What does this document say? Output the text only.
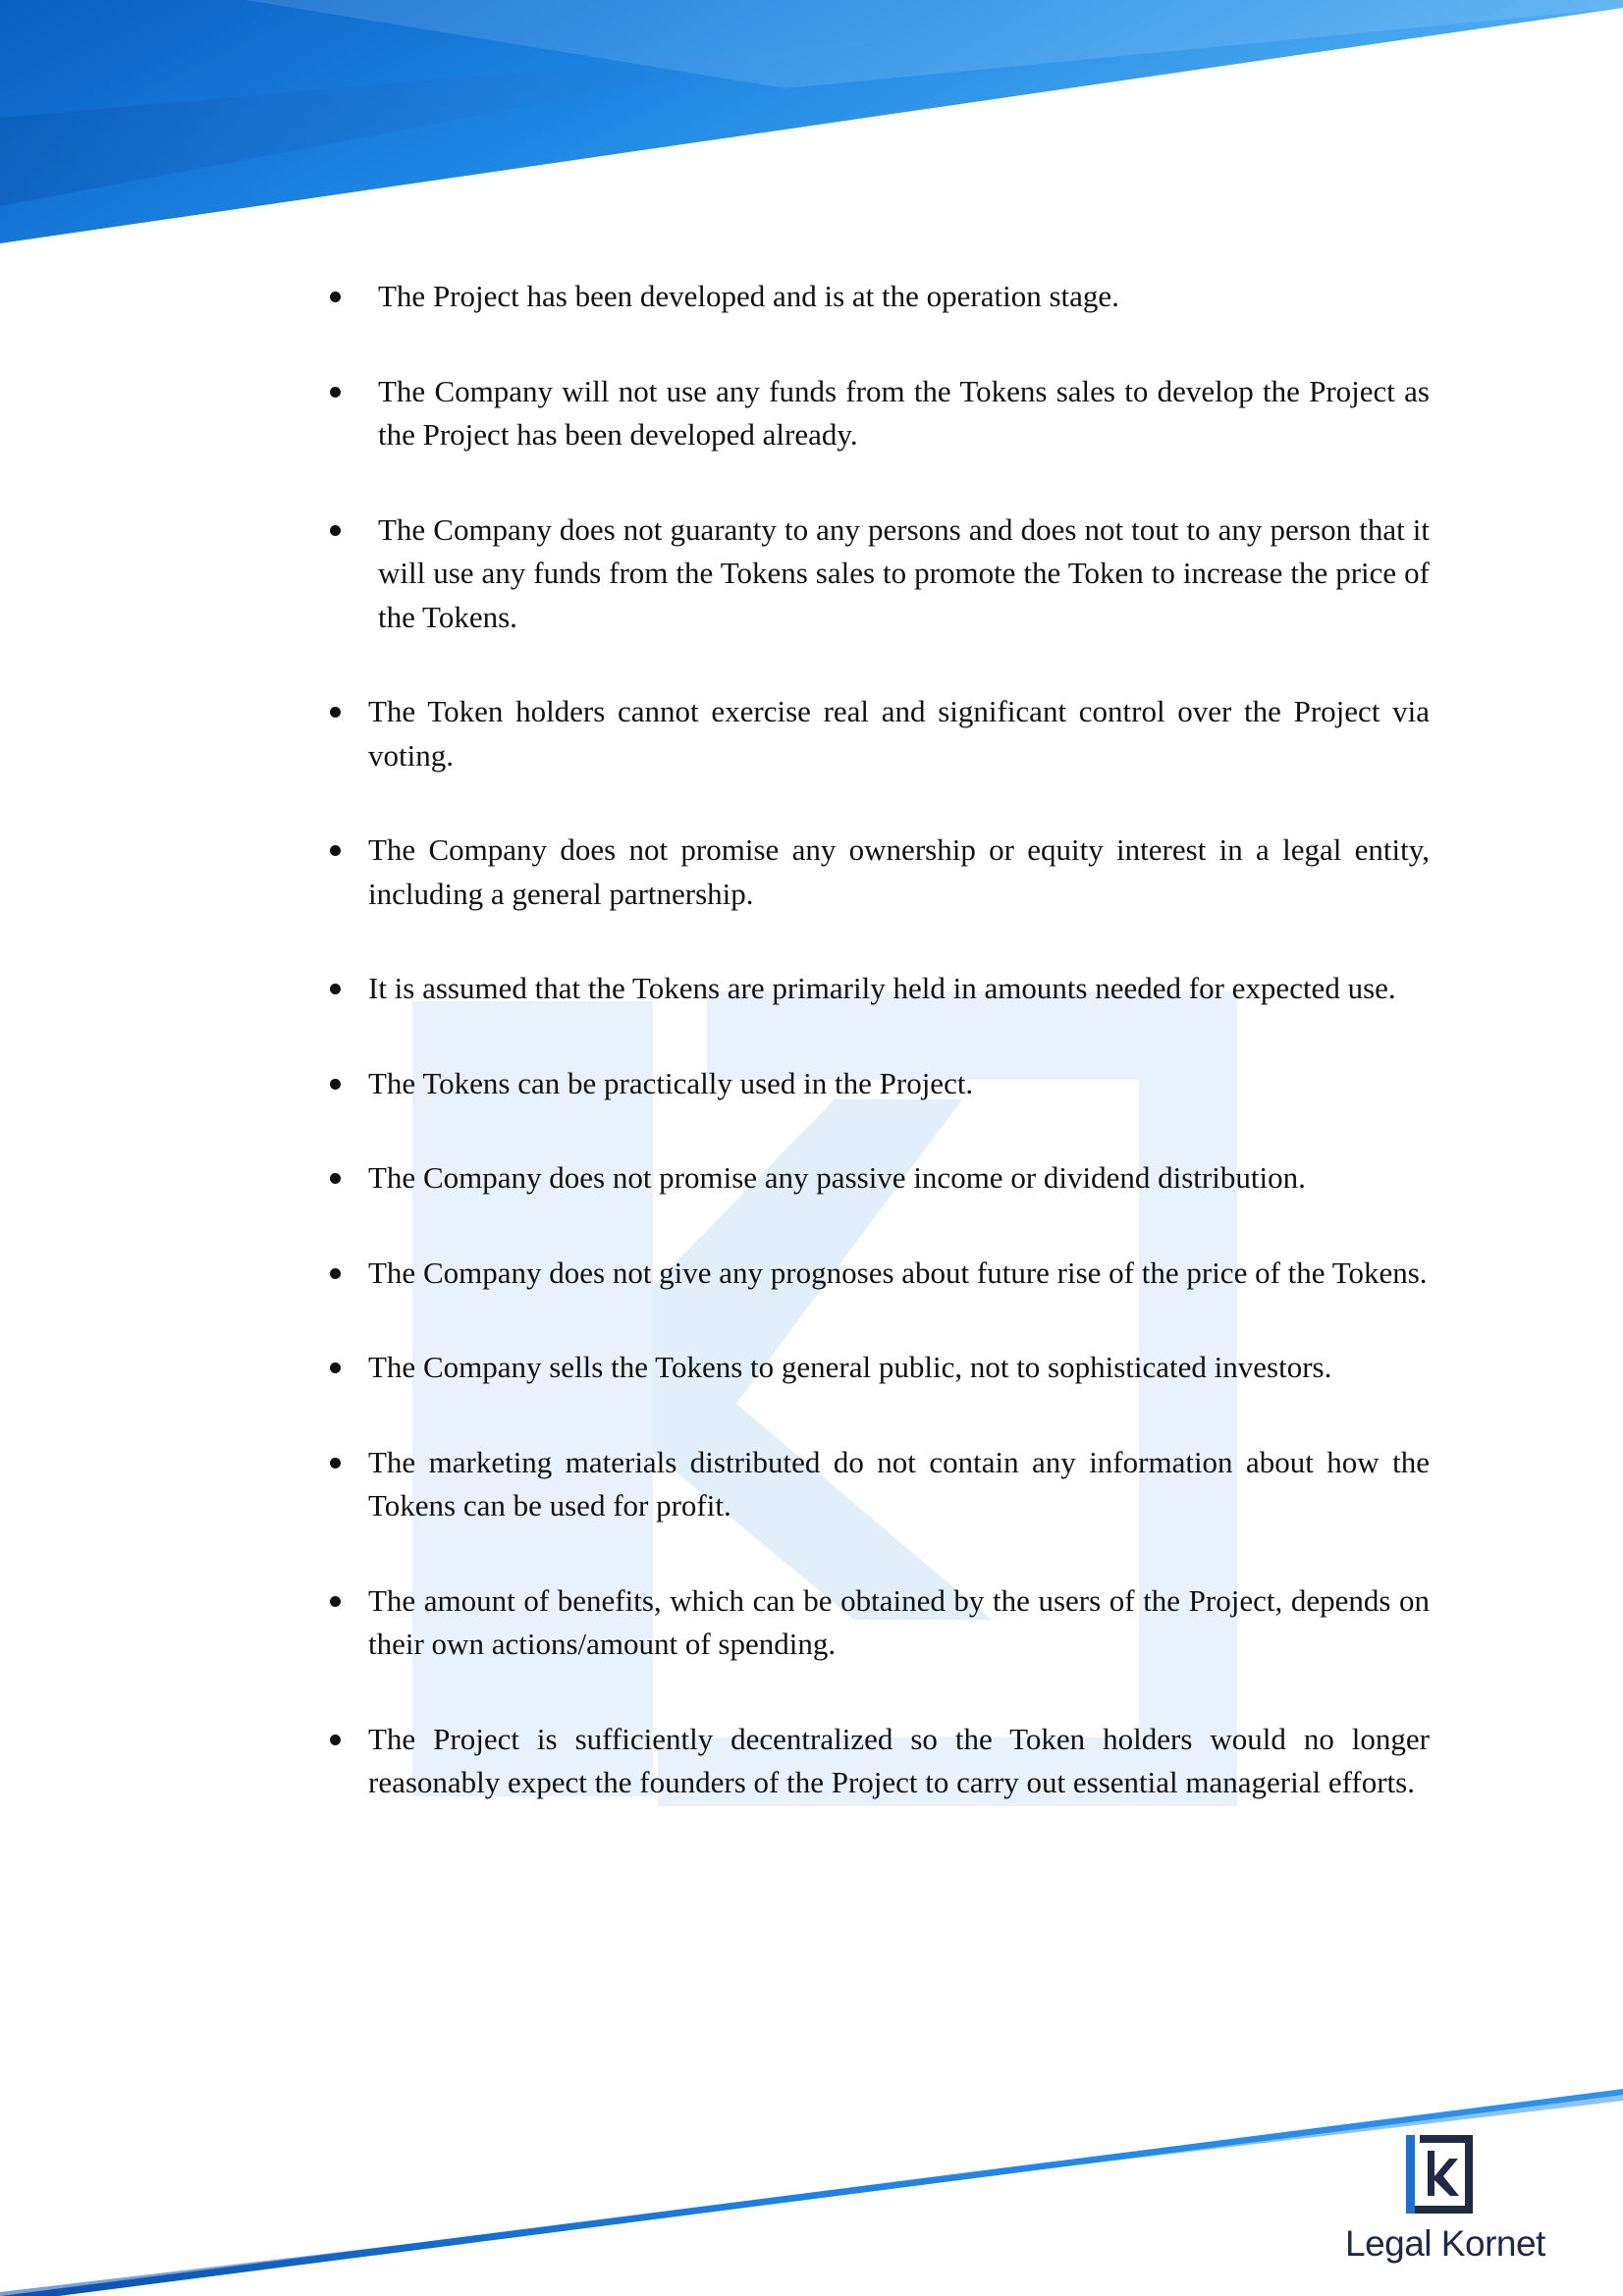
The Project has been developed and is at the operation stage.
The Company will not use any funds from the Tokens sales to develop the Project as the Project has been developed already.
The Company does not guaranty to any persons and does not tout to any person that it will use any funds from the Tokens sales to promote the Token to increase the price of the Tokens.
The Token holders cannot exercise real and significant control over the Project via voting.
The Company does not promise any ownership or equity interest in a legal entity, including a general partnership.
It is assumed that the Tokens are primarily held in amounts needed for expected use.
The Tokens can be practically used in the Project.
The Company does not promise any passive income or dividend distribution.
The Company does not give any prognoses about future rise of the price of the Tokens.
The Company sells the Tokens to general public, not to sophisticated investors.
The marketing materials distributed do not contain any information about how the Tokens can be used for profit.
The amount of benefits, which can be obtained by the users of the Project, depends on their own actions/amount of spending.
The Project is sufficiently decentralized so the Token holders would no longer reasonably expect the founders of the Project to carry out essential managerial efforts.
Legal Kornet
